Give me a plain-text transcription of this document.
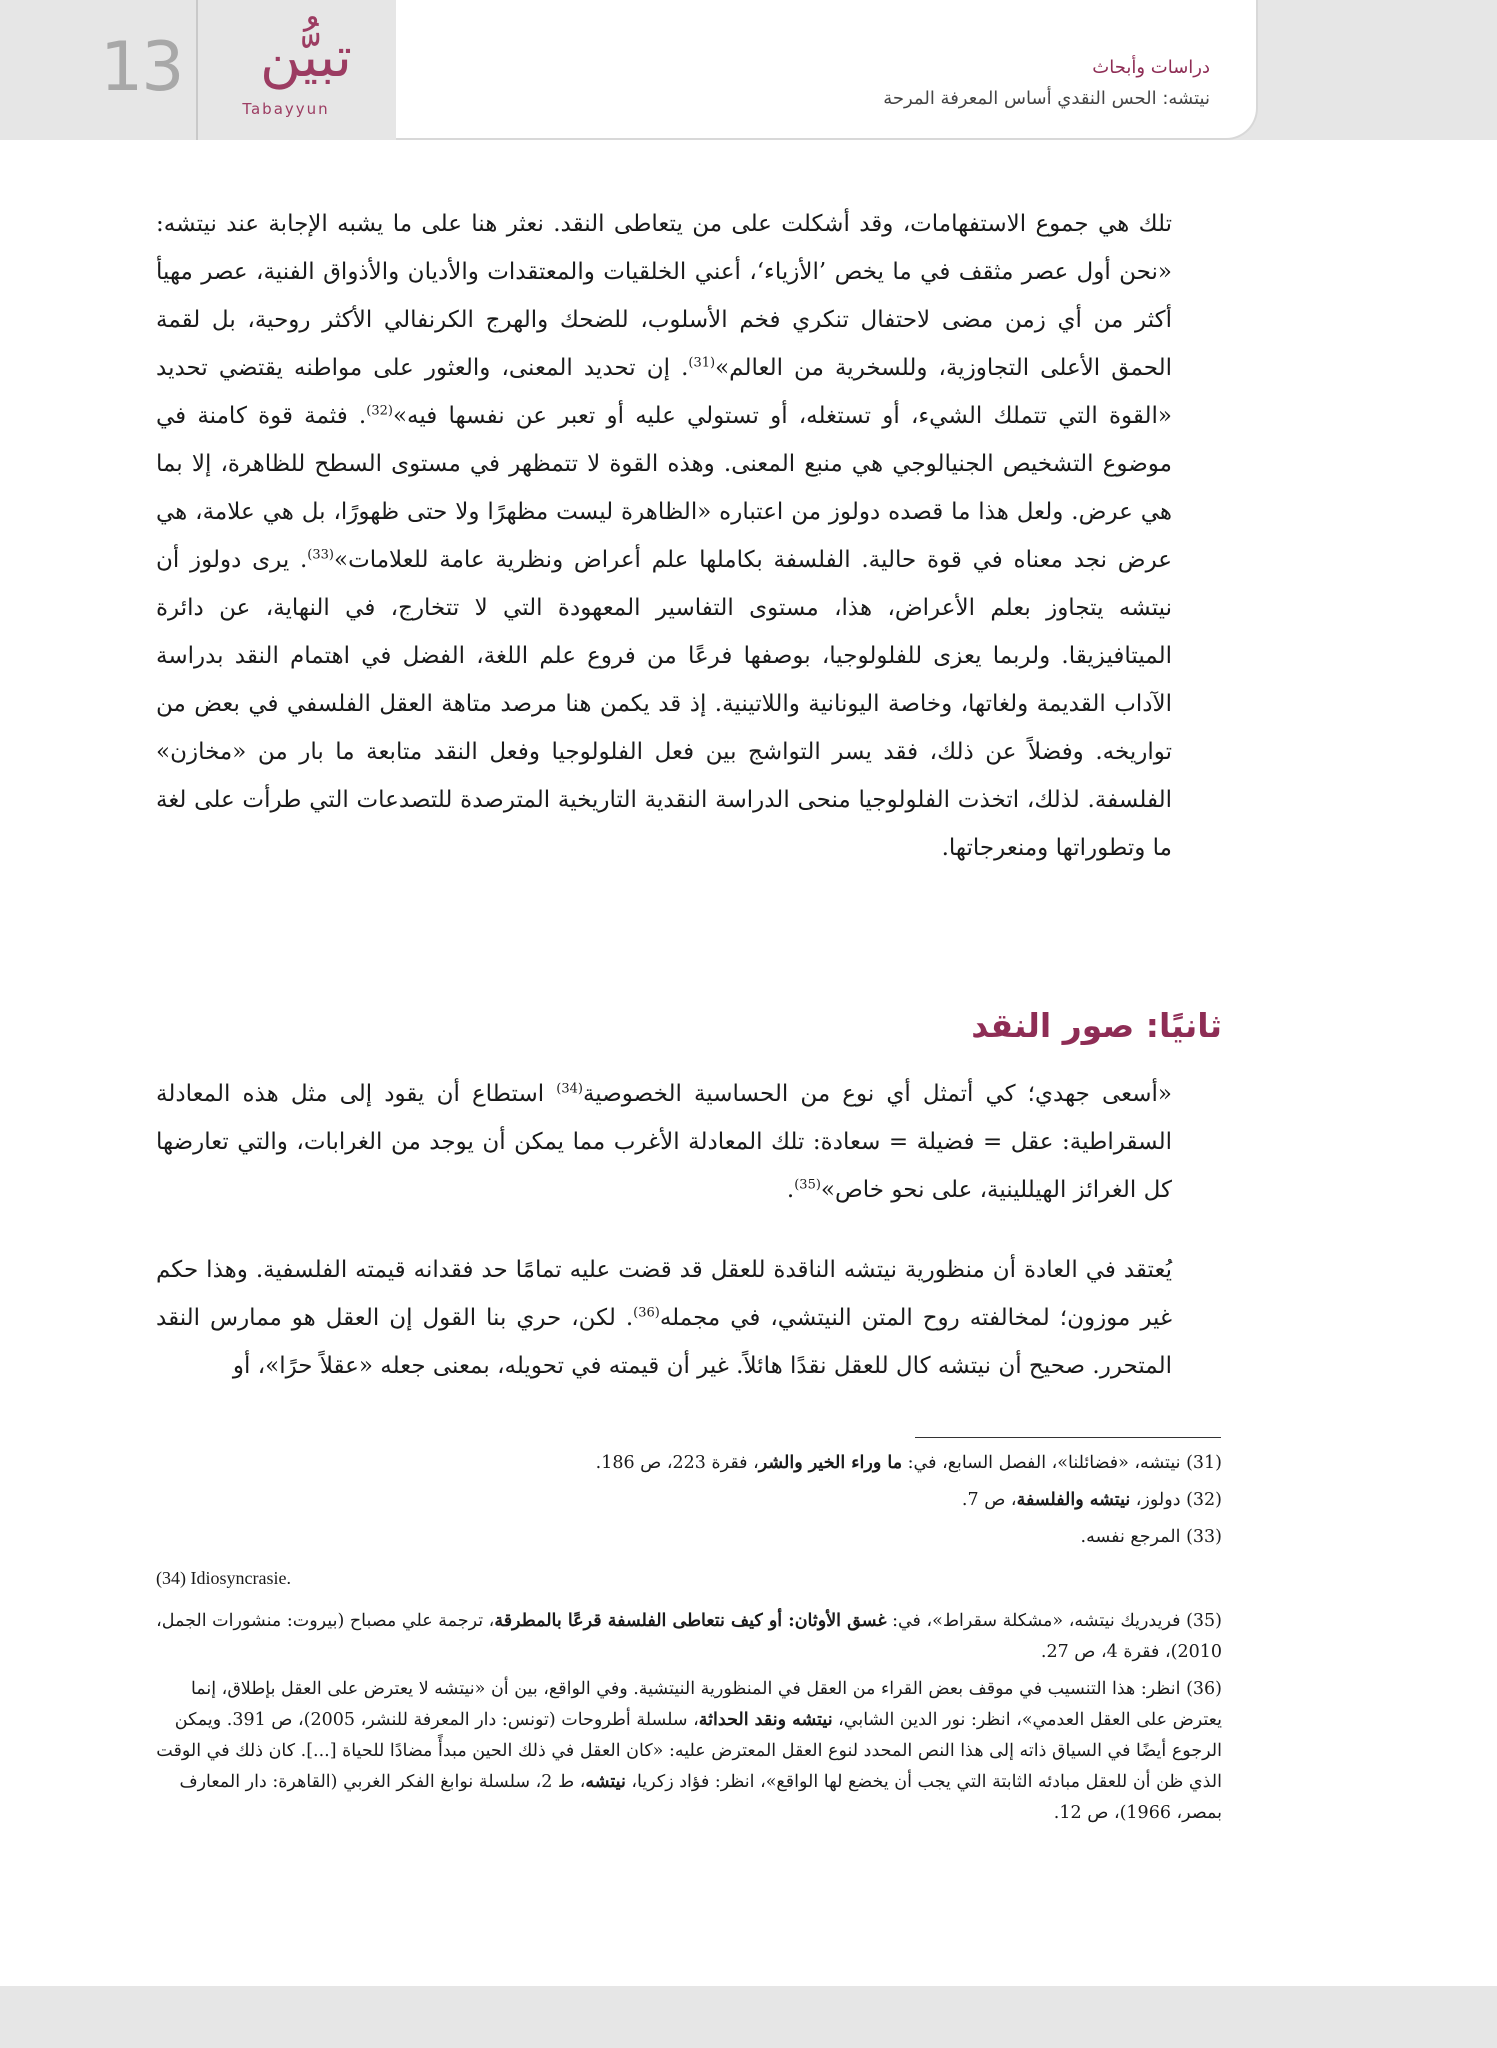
13	تبيُّن
Tabayyun
دراسات وأبحاث
نيتشه: الحس النقدي أساس المعرفة المرحة
تلك هي جموع الاستفهامات، وقد أشكلت على من يتعاطى النقد. نعثر هنا على ما يشبه الإجابة عند نيتشه: «نحن أول عصر مثقف في ما يخص ’الأزياء‘، أعني الخلقيات والمعتقدات والأديان والأذواق الفنية، عصر مهيأ أكثر من أي زمن مضى لاحتفال تنكري فخم الأسلوب، للضحك والهرج الكرنفالي الأكثر روحية، بل لقمة الحمق الأعلى التجاوزية، وللسخرية من العالم»$^{(31)}$. إن تحديد المعنى، والعثور على مواطنه يقتضي تحديد «القوة التي تتملك الشيء، أو تستغله، أو تستولي عليه أو تعبر عن نفسها فيه»$^{(32)}$. فثمة قوة كامنة في موضوع التشخيص الجنيالوجي هي منبع المعنى. وهذه القوة لا تتمظهر في مستوى السطح للظاهرة، إلا بما هي عرض. ولعل هذا ما قصده دولوز من اعتباره «الظاهرة ليست مظهرًا ولا حتى ظهورًا، بل هي علامة، هي عرض نجد معناه في قوة حالية. الفلسفة بكاملها علم أعراض ونظرية عامة للعلامات»$^{(33)}$. يرى دولوز أن نيتشه يتجاوز بعلم الأعراض، هذا، مستوى التفاسير المعهودة التي لا تتخارج، في النهاية، عن دائرة الميتافيزيقا. ولربما يعزى للفلولوجيا، بوصفها فرعًا من فروع علم اللغة، الفضل في اهتمام النقد بدراسة الآداب القديمة ولغاتها، وخاصة اليونانية واللاتينية. إذ قد يكمن هنا مرصد متاهة العقل الفلسفي في بعض من تواريخه. وفضلاً عن ذلك، فقد يسر التواشج بين فعل الفلولوجيا وفعل النقد متابعة ما بار من «مخازن» الفلسفة. لذلك، اتخذت الفلولوجيا منحى الدراسة النقدية التاريخية المترصدة للتصدعات التي طرأت على لغة ما وتطوراتها ومنعرجاتها.
ثانيًا: صور النقد
«أسعى جهدي؛ كي أتمثل أي نوع من الحساسية الخصوصية$^{(34)}$ استطاع أن يقود إلى مثل هذه المعادلة السقراطية: عقل = فضيلة = سعادة: تلك المعادلة الأغرب مما يمكن أن يوجد من الغرابات، والتي تعارضها كل الغرائز الهيللينية، على نحو خاص»$^{(35)}$.
يُعتقد في العادة أن منظورية نيتشه الناقدة للعقل قد قضت عليه تمامًا حد فقدانه قيمته الفلسفية. وهذا حكم غير موزون؛ لمخالفته روح المتن النيتشي، في مجمله$^{(36)}$. لكن، حري بنا القول إن العقل هو ممارس النقد المتحرر. صحيح أن نيتشه كال للعقل نقدًا هائلاً. غير أن قيمته في تحويله، بمعنى جعله «عقلاً حرًا»، أو

(31) نيتشه، «فضائلنا»، الفصل السابع، في: ما وراء الخير والشر، فقرة 223، ص 186.

(32) دولوز، نيتشه والفلسفة، ص 7.

(33) المرجع نفسه.

(34) Idiosyncrasie.

(35) فريدريك نيتشه، «مشكلة سقراط»، في: غسق الأوثان: أو كيف نتعاطى الفلسفة قرعًا بالمطرقة، ترجمة علي مصباح (بيروت: منشورات الجمل، 2010)، فقرة 4، ص 27.

(36) انظر: هذا التنسيب في موقف بعض القراء من العقل في المنظورية النيتشية. وفي الواقع، بين أن «نيتشه لا يعترض على العقل بإطلاق، إنما يعترض على العقل العدمي»، انظر: نور الدين الشابي، نيتشه ونقد الحداثة، سلسلة أطروحات (تونس: دار المعرفة للنشر، 2005)، ص 391. ويمكن الرجوع أيضًا في السياق ذاته إلى هذا النص المحدد لنوع العقل المعترض عليه: «كان العقل في ذلك الحين مبدأً مضادًا للحياة [...]. كان ذلك في الوقت الذي ظن أن للعقل مبادئه الثابتة التي يجب أن يخضع لها الواقع»، انظر: فؤاد زكريا، نيتشه، ط 2، سلسلة نوابغ الفكر الغربي (القاهرة: دار المعارف بمصر، 1966)، ص 12.
